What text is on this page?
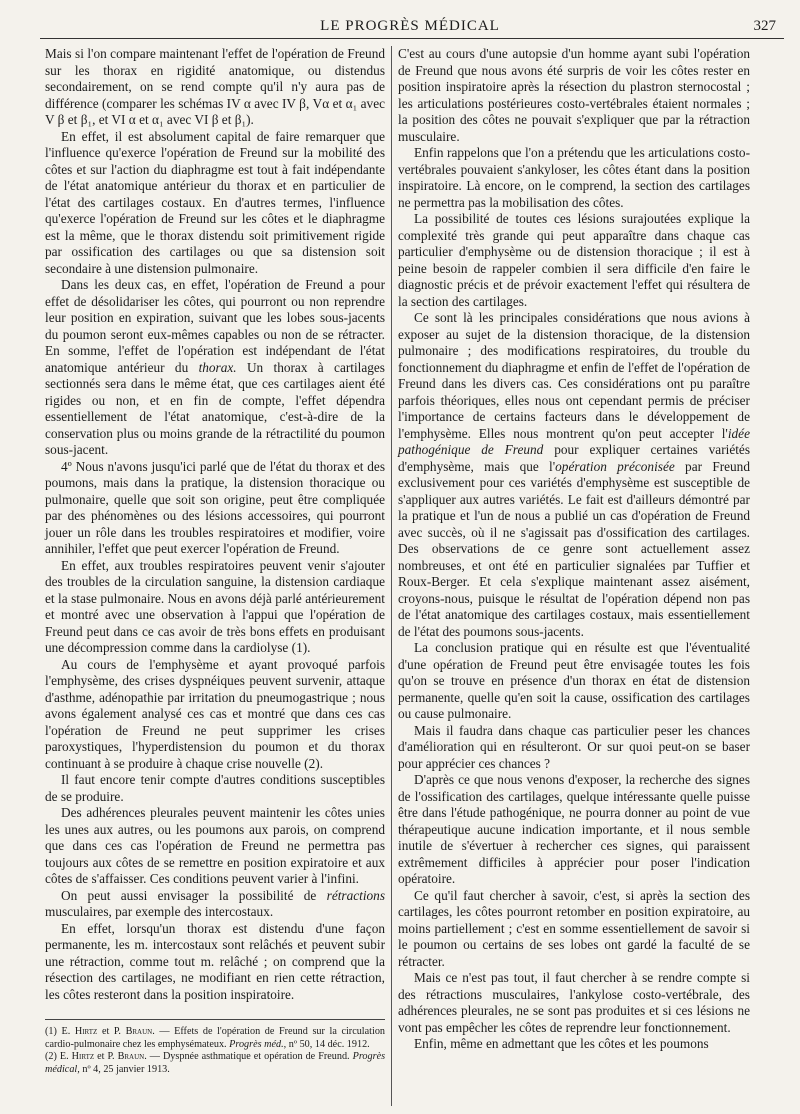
LE PROGRÈS MÉDICAL	327

Mais si l'on compare maintenant l'effet de l'opération de Freund sur les thorax en rigidité anatomique, ou distendus secondairement, on se rend compte qu'il n'y aura pas de différence (comparer les schémas IV α avec IV β, Vα et α₁ avec V β et β₁, et VI α et α₁ avec VI β et β₁).

En effet, il est absolument capital de faire remarquer que l'influence qu'exerce l'opération de Freund sur la mobilité des côtes et sur l'action du diaphragme est tout à fait indépendante de l'état anatomique antérieur du thorax et en particulier de l'état des cartilages costaux. En d'autres termes, l'influence qu'exerce l'opération de Freund sur les côtes et le diaphragme est la même, que le thorax distendu soit primitivement rigide par ossification des cartilages ou que sa distension soit secondaire à une distension pulmonaire.

Dans les deux cas, en effet, l'opération de Freund a pour effet de désolidariser les côtes, qui pourront ou non reprendre leur position en expiration, suivant que les lobes sous-jacents du poumon seront eux-mêmes capables ou non de se rétracter. En somme, l'effet de l'opération est indépendant de l'état anatomique antérieur du thorax. Un thorax à cartilages sectionnés sera dans le même état, que ces cartilages aient été rigides ou non, et en fin de compte, l'effet dépendra essentiellement de l'état anatomique, c'est-à-dire de la conservation plus ou moins grande de la rétractilité du poumon sous-jacent.

4º Nous n'avons jusqu'ici parlé que de l'état du thorax et des poumons, mais dans la pratique, la distension thoracique ou pulmonaire, quelle que soit son origine, peut être compliquée par des phénomènes ou des lésions accessoires, qui pourront jouer un rôle dans les troubles respiratoires et modifier, voire annihiler, l'effet que peut exercer l'opération de Freund.

En effet, aux troubles respiratoires peuvent venir s'ajouter des troubles de la circulation sanguine, la distension cardiaque et la stase pulmonaire. Nous en avons déjà parlé antérieurement et montré avec une observation à l'appui que l'opération de Freund peut dans ce cas avoir de très bons effets en produisant une décompression comme dans la cardiolyse (1).

Au cours de l'emphysème et ayant provoqué parfois l'emphysème, des crises dyspnéiques peuvent survenir, attaque d'asthme, adénopathie par irritation du pneumogastrique ; nous avons également analysé ces cas et montré que dans ces cas l'opération de Freund ne peut supprimer les crises paroxystiques, l'hyperdistension du poumon et du thorax continuant à se produire à chaque crise nouvelle (2).

Il faut encore tenir compte d'autres conditions susceptibles de se produire.

Des adhérences pleurales peuvent maintenir les côtes unies les unes aux autres, ou les poumons aux parois, on comprend que dans ces cas l'opération de Freund ne permettra pas toujours aux côtes de se remettre en position expiratoire et aux côtes de s'affaisser. Ces conditions peuvent varier à l'infini.

On peut aussi envisager la possibilité de rétractions musculaires, par exemple des intercostaux.

En effet, lorsqu'un thorax est distendu d'une façon permanente, les m. intercostaux sont relâchés et peuvent subir une rétraction, comme tout m. relâché ; on comprend que la résection des cartilages, ne modifiant en rien cette rétraction, les côtes resteront dans la position inspiratoire.

(1) E. Hirtz et P. Braun. — Effets de l'opération de Freund sur la circulation cardio-pulmonaire chez les emphysémateux. Progrès méd., nº 50, 14 déc. 1912.

(2) E. Hirtz et P. Braun. — Dyspnée asthmatique et opération de Freund. Progrès médical, nº 4, 25 janvier 1913.

C'est au cours d'une autopsie d'un homme ayant subi l'opération de Freund que nous avons été surpris de voir les côtes rester en position inspiratoire après la résection du plastron sternocostal ; les articulations postérieures costo-vertébrales étaient normales ; la position des côtes ne pouvait s'expliquer que par la rétraction musculaire.

Enfin rappelons que l'on a prétendu que les articulations costo-vertébrales pouvaient s'ankyloser, les côtes étant dans la position inspiratoire. Là encore, on le comprend, la section des cartilages ne permettra pas la mobilisation des côtes.

La possibilité de toutes ces lésions surajoutées explique la complexité très grande qui peut apparaître dans chaque cas particulier d'emphysème ou de distension thoracique ; il est à peine besoin de rappeler combien il sera difficile d'en faire le diagnostic précis et de prévoir exactement l'effet qui résultera de la section des cartilages.

Ce sont là les principales considérations que nous avions à exposer au sujet de la distension thoracique, de la distension pulmonaire ; des modifications respiratoires, du trouble du fonctionnement du diaphragme et enfin de l'effet de l'opération de Freund dans les divers cas. Ces considérations ont pu paraître parfois théoriques, elles nous ont cependant permis de préciser l'importance de certains facteurs dans le développement de l'emphysème. Elles nous montrent qu'on peut accepter l'idée pathogénique de Freund pour expliquer certaines variétés d'emphysème, mais que l'opération préconisée par Freund exclusivement pour ces variétés d'emphysème est susceptible de s'appliquer aux autres variétés. Le fait est d'ailleurs démontré par la pratique et l'un de nous a publié un cas d'opération de Freund avec succès, où il ne s'agissait pas d'ossification des cartilages. Des observations de ce genre sont actuellement assez nombreuses, et ont été en particulier signalées par Tuffier et Roux-Berger. Et cela s'explique maintenant assez aisément, croyons-nous, puisque le résultat de l'opération dépend non pas de l'état anatomique des cartilages costaux, mais essentiellement de l'état des poumons sous-jacents.

La conclusion pratique qui en résulte est que l'éventualité d'une opération de Freund peut être envisagée toutes les fois qu'on se trouve en présence d'un thorax en état de distension permanente, quelle qu'en soit la cause, ossification des cartilages ou cause pulmonaire.

Mais il faudra dans chaque cas particulier peser les chances d'amélioration qui en résulteront. Or sur quoi peut-on se baser pour apprécier ces chances ?

D'après ce que nous venons d'exposer, la recherche des signes de l'ossification des cartilages, quelque intéressante quelle puisse être dans l'étude pathogénique, ne pourra donner au point de vue thérapeutique aucune indication importante, et il nous semble inutile de s'évertuer à rechercher ces signes, qui paraissent extrêmement difficiles à apprécier pour poser l'indication opératoire.

Ce qu'il faut chercher à savoir, c'est, si après la section des cartilages, les côtes pourront retomber en position expiratoire, au moins partiellement ; c'est en somme essentiellement de savoir si le poumon ou certains de ses lobes ont gardé la faculté de se rétracter.

Mais ce n'est pas tout, il faut chercher à se rendre compte si des rétractions musculaires, l'ankylose costo-vertébrale, des adhérences pleurales, ne se sont pas produites et si ces lésions ne vont pas empêcher les côtes de reprendre leur fonctionnement.

Enfin, même en admettant que les côtes et les poumons
